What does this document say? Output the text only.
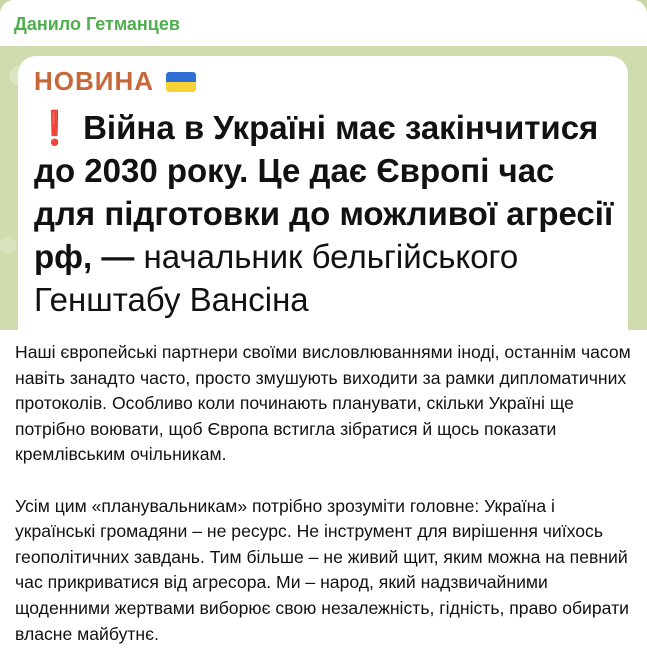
Данило Гетманцев
НОВИНА
❗ Війна в Україні має закінчитися до 2030 року. Це дає Європі час для підготовки до можливої агресії рф, — начальник бельгійського Генштабу Вансіна

Наші європейські партнери своїми висловлюваннями іноді, останнім часом навіть занадто часто, просто змушують виходити за рамки дипломатичних протоколів. Особливо коли починають планувати, скільки Україні ще потрібно воювати, щоб Європа встигла зібратися й щось показати кремлівським очільникам.

Усім цим «планувальникам» потрібно зрозуміти головне: Україна і українські громадяни – не ресурс. Не інструмент для вирішення чиїхось геополітичних завдань. Тим більше – не живий щит, яким можна на певний час прикриватися від агресора. Ми – народ, який надзвичайними щоденними жертвами виборює свою незалежність, гідність, право обирати власне майбутнє.
